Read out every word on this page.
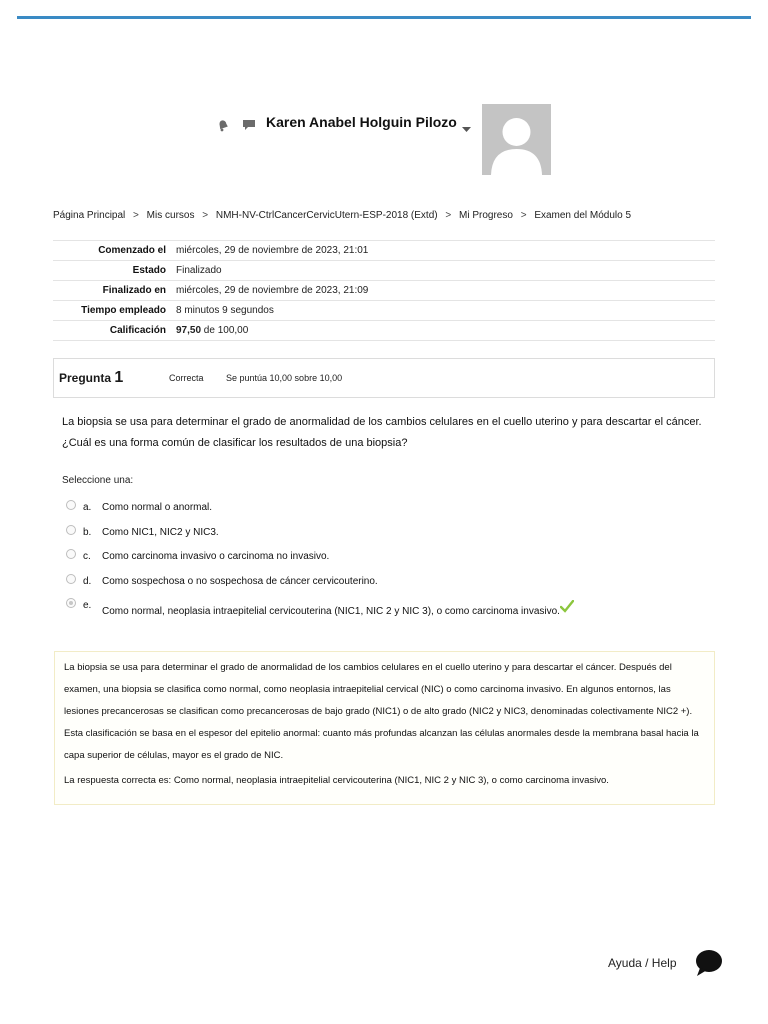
Karen Anabel Holguin Pilozo
Página Principal > Mis cursos > NMH-NV-CtrlCancerCervicUtern-ESP-2018 (Extd) > Mi Progreso > Examen del Módulo 5
Comenzado el	miércoles, 29 de noviembre de 2023, 21:01
Estado	Finalizado
Finalizado en	miércoles, 29 de noviembre de 2023, 21:09
Tiempo empleado	8 minutos 9 segundos
Calificación	97,50 de 100,00
Pregunta 1	Correcta Se puntúa 10,00 sobre 10,00
La biopsia se usa para determinar el grado de anormalidad de los cambios celulares en el cuello uterino y para descartar el cáncer. ¿Cuál es una forma común de clasificar los resultados de una biopsia?
Seleccione una:
a. Como normal o anormal.
b. Como NIC1, NIC2 y NIC3.
c. Como carcinoma invasivo o carcinoma no invasivo.
d. Como sospechosa o no sospechosa de cáncer cervicouterino.
e.
Como normal, neoplasia intraepitelial cervicouterina (NIC1, NIC 2 y NIC 3), o como carcinoma invasivo.

La biopsia se usa para determinar el grado de anormalidad de los cambios celulares en el cuello uterino y para descartar el cáncer. Después del examen, una biopsia se clasifica como normal, como neoplasia intraepitelial cervical (NIC) o como carcinoma invasivo. En algunos entornos, las lesiones precancerosas se clasifican como precancerosas de bajo grado (NIC1) o de alto grado (NIC2 y NIC3, denominadas colectivamente NIC2 +). Esta clasificación se basa en el espesor del epitelio anormal: cuanto más profundas alcanzan las células anormales desde la membrana basal hacia la capa superior de células, mayor es el grado de NIC.

La respuesta correcta es: Como normal, neoplasia intraepitelial cervicouterina (NIC1, NIC 2 y NIC 3), o como carcinoma invasivo.

Ayuda / Help
